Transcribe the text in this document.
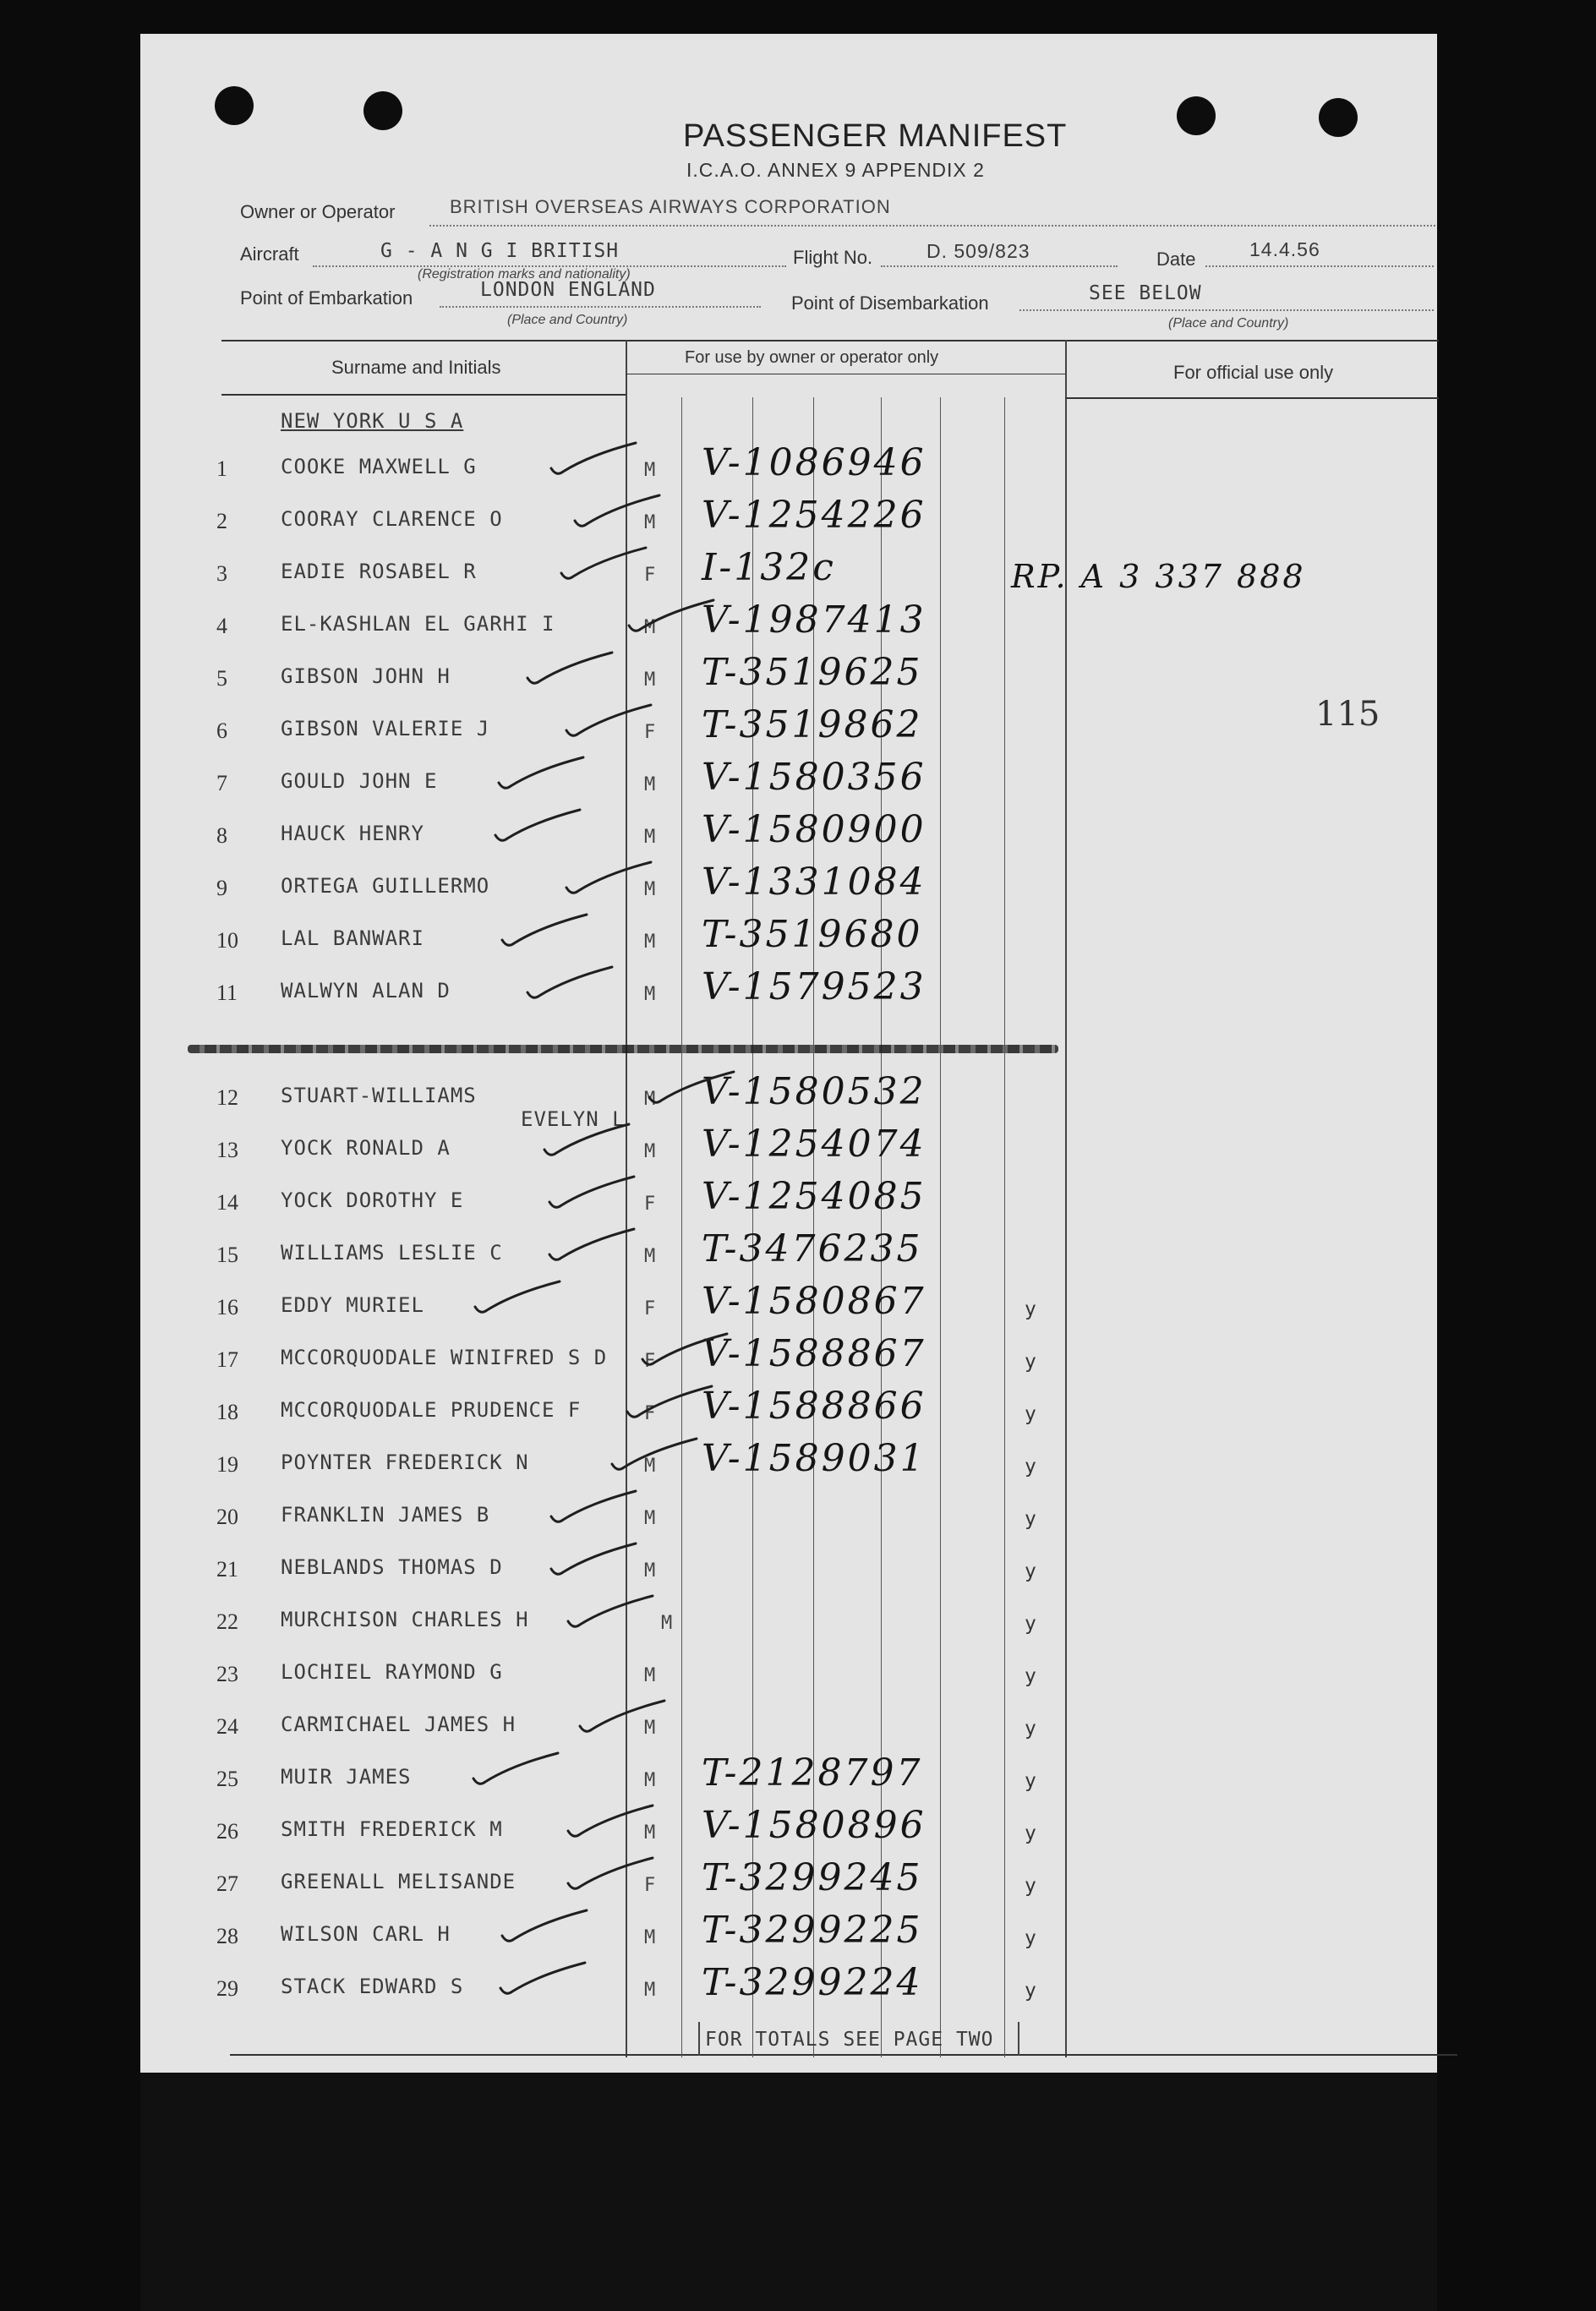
PASSENGER MANIFEST
I.C.A.O. ANNEX 9 APPENDIX 2
Owner or Operator	BRITISH OVERSEAS AIRWAYS CORPORATION
Aircraft	G - A N G I BRITISH
(Registration marks and nationality)
Flight No.	D. 509/823	Date	14.4.56
Point of Embarkation	LONDON ENGLAND
(Place and Country)
Point of Disembarkation	SEE BELOW
(Place and Country)
Surname and Initials	For use by owner or operator only
For official use only
NEW YORK U S A
RP. A 3 337 888
115
1	COOKE MAXWELL G	M V-1086946
2	COORAY CLARENCE O	M V-1254226
3	EADIE ROSABEL R	F I-132c
4	EL-KASHLAN EL GARHI I	M V-1987413
5	GIBSON JOHN H	M T-3519625
6	GIBSON VALERIE J	F T-3519862
7	GOULD JOHN E	M V-1580356
8	HAUCK HENRY	M V-1580900
9	ORTEGA GUILLERMO	M V-1331084
10 LAL BANWARI	M T-3519680
11 WALWYN ALAN D	M V-1579523
12 STUART-WILLIAMS
EVELYN L
M V-1580532
13 YOCK RONALD A	M V-1254074
14 YOCK DOROTHY E	F V-1254085
15 WILLIAMS LESLIE C	M T-3476235
16 EDDY MURIEL	F V-1580867	y
17 MCCORQUODALE WINIFRED S D F V-1588867	y
18 MCCORQUODALE PRUDENCE F	F V-1588866	y
19 POYNTER FREDERICK N	M V-1589031	y
20 FRANKLIN JAMES B	M	y
21 NEBLANDS THOMAS D	M	y
22 MURCHISON CHARLES H	M	y
23 LOCHIEL RAYMOND G	M	y
24 CARMICHAEL JAMES H	M	y
25 MUIR JAMES	M T-2128797	y
26 SMITH FREDERICK M	M V-1580896	y
27 GREENALL MELISANDE	F T-3299245	y
28 WILSON CARL H	M T-3299225	y
29 STACK EDWARD S	M T-3299224	y
FOR TOTALS SEE PAGE TWO
